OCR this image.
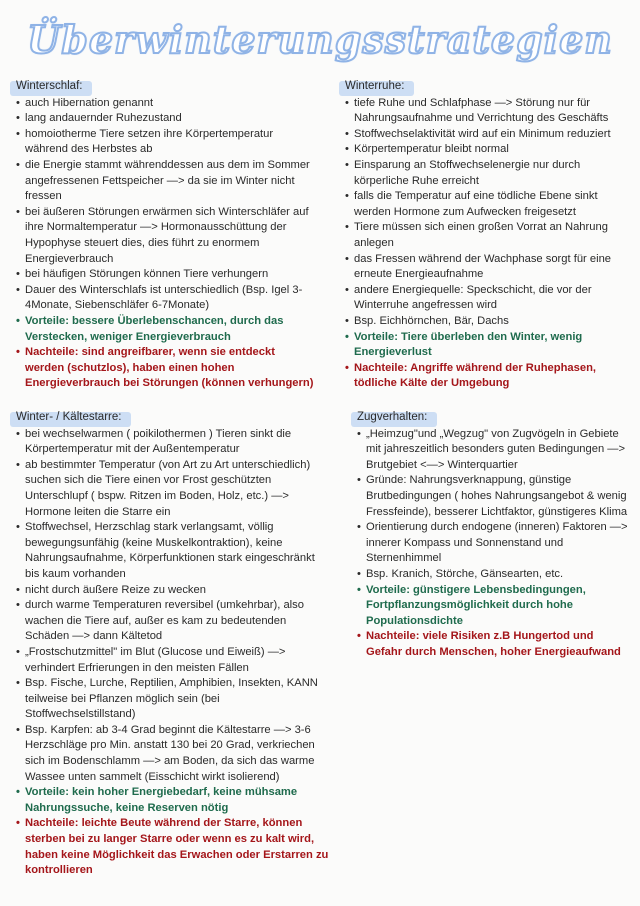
Überwinterungsstrategien
Winterschlaf:
• auch Hibernation genannt
• lang andauernder Ruhezustand
• homoiotherme Tiere setzen ihre Körpertemperatur während des Herbstes ab
• die Energie stammt währenddessen aus dem im Sommer angefressenen Fettspeicher —> da sie im Winter nicht fressen
• bei äußeren Störungen erwärmen sich Winterschläfer auf ihre Normaltemperatur —> Hormonausschüttung der Hypophyse steuert dies, dies führt zu enormem Energieverbrauch
• bei häufigen Störungen können Tiere verhungern
• Dauer des Winterschlafs ist unterschiedlich (Bsp. Igel 3-4Monate, Siebenschläfer 6-7Monate)
• Vorteile: bessere Überlebenschancen, durch das Verstecken, weniger Energieverbrauch
• Nachteile: sind angreifbarer, wenn sie entdeckt werden (schutzlos), haben einen hohen Energieverbrauch bei Störungen (können verhungern)
Winterruhe:
• tiefe Ruhe und Schlafphase —> Störung nur für Nahrungsaufnahme und Verrichtung des Geschäfts
• Stoffwechselaktivität wird auf ein Minimum reduziert
• Körpertemperatur bleibt normal
• Einsparung an Stoffwechselenergie nur durch körperliche Ruhe erreicht
• falls die Temperatur auf eine tödliche Ebene sinkt werden Hormone zum Aufwecken freigesetzt
• Tiere müssen sich einen großen Vorrat an Nahrung anlegen
• das Fressen während der Wachphase sorgt für eine erneute Energieaufnahme
• andere Energiequelle: Speckschicht, die vor der Winterruhe angefressen wird
• Bsp. Eichhörnchen, Bär, Dachs
• Vorteile: Tiere überleben den Winter, wenig Energieverlust
• Nachteile: Angriffe während der Ruhephasen, tödliche Kälte der Umgebung
Winter- / Kältestarre:
• bei wechselwarmen ( poikilothermen ) Tieren sinkt die Körpertemperatur mit der Außentemperatur
• ab bestimmter Temperatur (von Art zu Art unterschiedlich) suchen sich die Tiere einen vor Frost geschützten Unterschlupf ( bspw. Ritzen im Boden, Holz, etc.) —> Hormone leiten die Starre ein
• Stoffwechsel, Herzschlag stark verlangsamt, völlig bewegungsunfähig (keine Muskelkontraktion), keine Nahrungsaufnahme, Körperfunktionen stark eingeschränkt bis kaum vorhanden
• nicht durch äußere Reize zu wecken
• durch warme Temperaturen reversibel (umkehrbar), also wachen die Tiere auf, außer es kam zu bedeutenden Schäden —> dann Kältetod
• „Frostschutzmittel" im Blut (Glucose und Eiweiß) —> verhindert Erfrierungen in den meisten Fällen
• Bsp. Fische, Lurche, Reptilien, Amphibien, Insekten, KANN teilweise bei Pflanzen möglich sein (bei Stoffwechselstillstand)
• Bsp. Karpfen: ab 3-4 Grad beginnt die Kältestarre —> 3-6 Herzschläge pro Min. anstatt 130 bei 20 Grad, verkriechen sich im Bodenschlamm —> am Boden, da sich das warme Wassee unten sammelt (Eisschicht wirkt isolierend)
• Vorteile: kein hoher Energiebedarf, keine mühsame Nahrungssuche, keine Reserven nötig
• Nachteile: leichte Beute während der Starre, können sterben bei zu langer Starre oder wenn es zu kalt wird, haben keine Möglichkeit das Erwachen oder Erstarren zu kontrollieren
Zugverhalten:
• „Heimzug"und „Wegzug" von Zugvögeln in Gebiete mit jahreszeitlich besonders guten Bedingungen —> Brutgebiet <—> Winterquartier
• Gründe: Nahrungsverknappung, günstige Brutbedingungen ( hohes Nahrungsangebot & wenig Fressfeinde), besserer Lichtfaktor, günstigeres Klima
• Orientierung durch endogene (inneren) Faktoren —> innerer Kompass und Sonnenstand und Sternenhimmel
• Bsp. Kranich, Störche, Gänsearten, etc.
• Vorteile: günstigere Lebensbedingungen, Fortpflanzungsmöglichkeit durch hohe Populationsdichte
• Nachteile: viele Risiken z.B Hungertod und Gefahr durch Menschen, hoher Energieaufwand
